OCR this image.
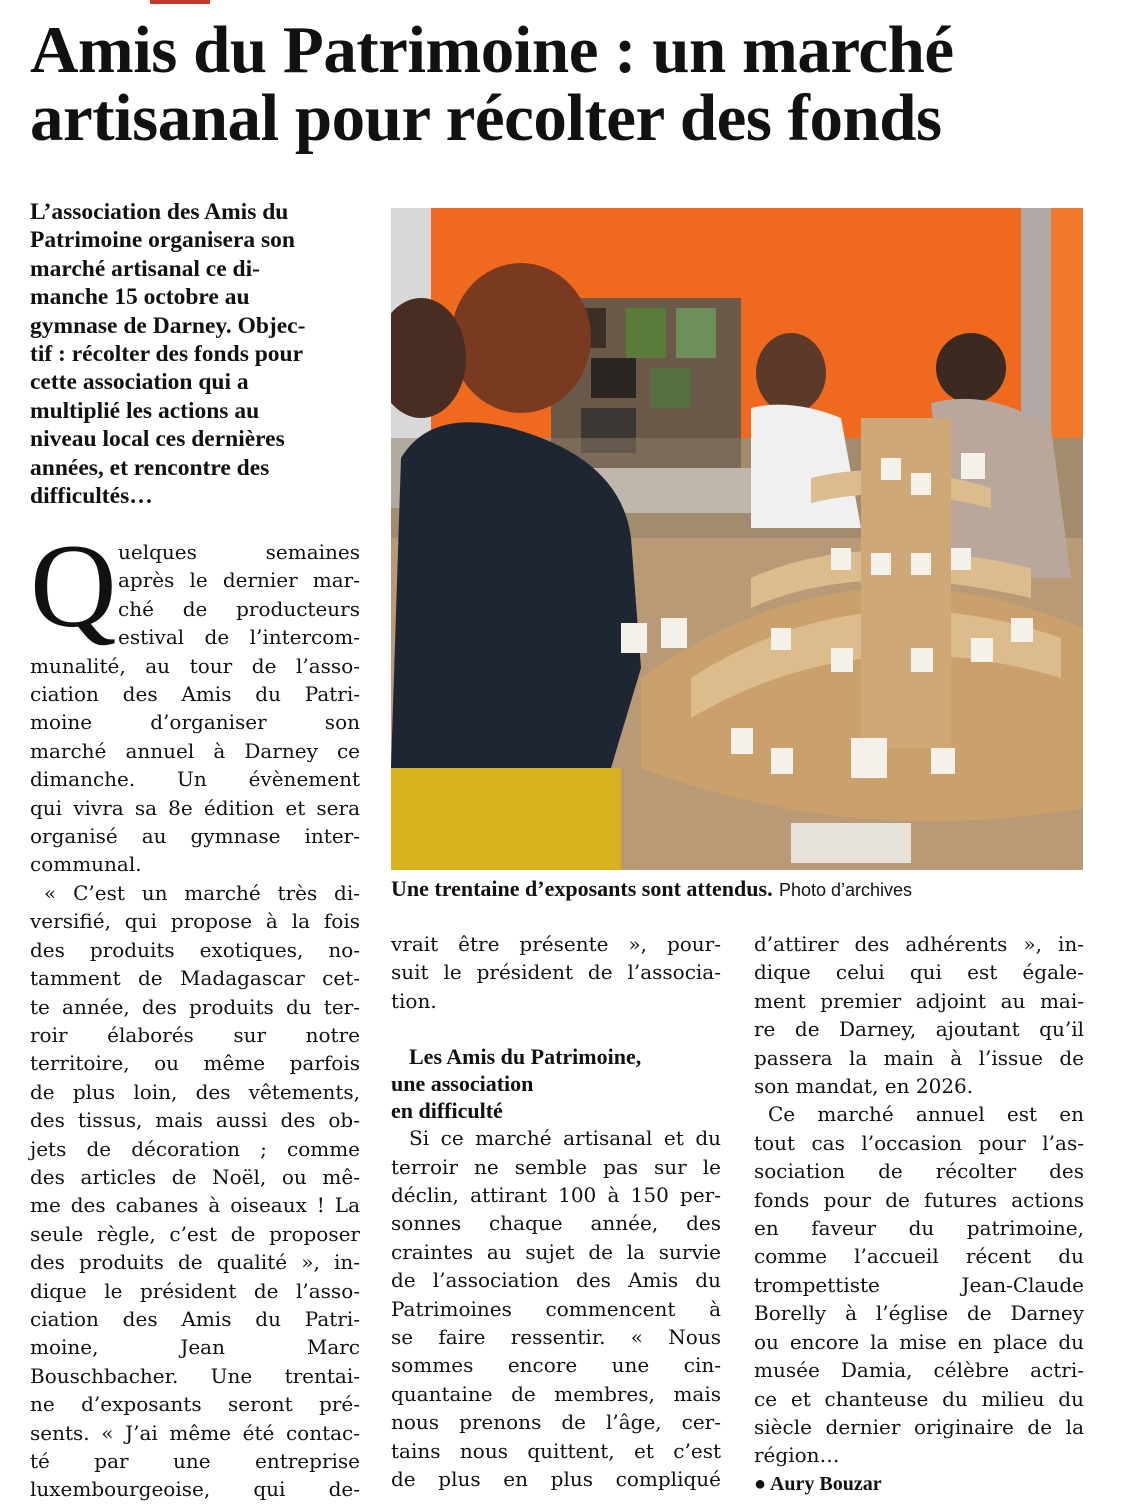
Amis du Patrimoine : un marché
artisanal pour récolter des fonds
L’association des Amis du
Patrimoine organisera son
marché artisanal ce di-
manche 15 octobre au
gymnase de Darney. Objec-
tif : récolter des fonds pour
cette association qui a
multiplié les actions au
niveau local ces dernières
années, et rencontre des
difficultés…
Une trentaine d’exposants sont attendus. Photo d’archives
Q uelques semaines
après le dernier mar-
ché de producteurs
estival de l’intercom-
munalité, au tour de l’asso-
ciation des Amis du Patri-
moine d’organiser son
marché annuel à Darney ce
dimanche. Un évènement
qui vivra sa 8e édition et sera
organisé au gymnase inter-
communal.
« C’est un marché très di-
versifié, qui propose à la fois
des produits exotiques, no-
tamment de Madagascar cet-
te année, des produits du ter-
roir élaborés sur notre
territoire, ou même parfois
de plus loin, des vêtements,
des tissus, mais aussi des ob-
jets de décoration ; comme
des articles de Noël, ou mê-
me des cabanes à oiseaux ! La
seule règle, c’est de proposer
des produits de qualité », in-
dique le président de l’asso-
ciation des Amis du Patri-
moine, Jean Marc
Bouschbacher. Une trentai-
ne d’exposants seront pré-
sents. « J’ai même été contac-
té par une entreprise
luxembourgeoise, qui de-
vrait être présente », pour-
suit le président de l’associa-
tion.
Les Amis du Patrimoine,
une association
en difficulté
Si ce marché artisanal et du
terroir ne semble pas sur le
déclin, attirant 100 à 150 per-
sonnes chaque année, des
craintes au sujet de la survie
de l’association des Amis du
Patrimoines commencent à
se faire ressentir. « Nous
sommes encore une cin-
quantaine de membres, mais
nous prenons de l’âge, cer-
tains nous quittent, et c’est
de plus en plus compliqué
d’attirer des adhérents », in-
dique celui qui est égale-
ment premier adjoint au mai-
re de Darney, ajoutant qu’il
passera la main à l’issue de
son mandat, en 2026.
Ce marché annuel est en
tout cas l’occasion pour l’as-
sociation de récolter des
fonds pour de futures actions
en faveur du patrimoine,
comme l’accueil récent du
trompettiste Jean-Claude
Borelly à l’église de Darney
ou encore la mise en place du
musée Damia, célèbre actri-
ce et chanteuse du milieu du
siècle dernier originaire de la
région…
● Aury Bouzar
